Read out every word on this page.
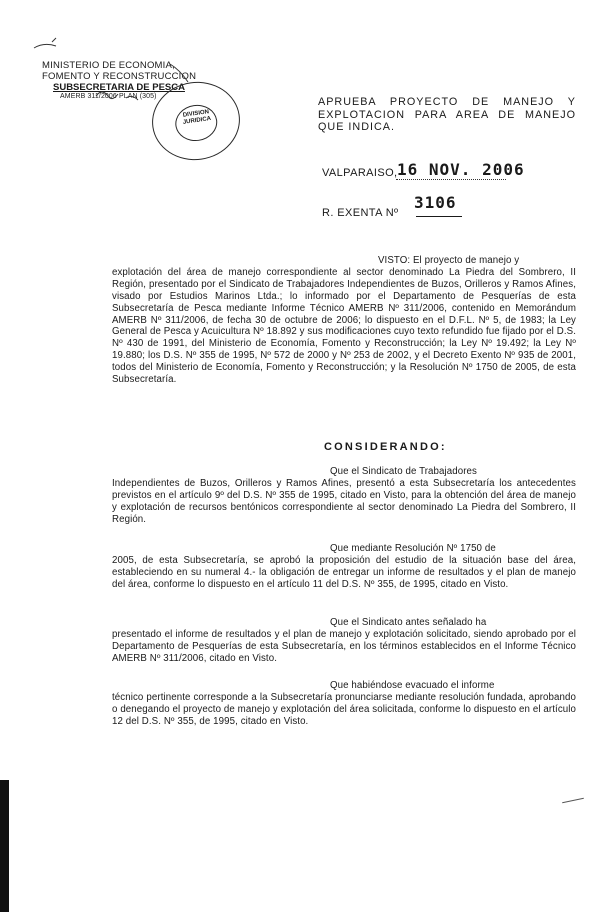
MINISTERIO DE ECONOMIA,
FOMENTO Y RECONSTRUCCION
SUBSECRETARIA DE PESCA
AMERB 311/2006 PLAN (305)
DIVISION JURIDICA
APRUEBA PROYECTO DE MANEJO Y EXPLOTACION PARA AREA DE MANEJO QUE INDICA.
VALPARAISO, 16 NOV. 2006
R. EXENTA Nº
3106
VISTO: El proyecto de manejo y
explotación del área de manejo correspondiente al sector denominado La Piedra del Sombrero, II Región, presentado por el Sindicato de Trabajadores Independientes de Buzos, Orilleros y Ramos Afines, visado por Estudios Marinos Ltda.; lo informado por el Departamento de Pesquerías de esta Subsecretaría de Pesca mediante Informe Técnico AMERB Nº 311/2006, contenido en Memorándum AMERB Nº 311/2006, de fecha 30 de octubre de 2006; lo dispuesto en el D.F.L. Nº 5, de 1983; la Ley General de Pesca y Acuicultura Nº 18.892 y sus modificaciones cuyo texto refundido fue fijado por el D.S. Nº 430 de 1991, del Ministerio de Economía, Fomento y Reconstrucción; la Ley Nº 19.492; la Ley Nº 19.880; los D.S. Nº 355 de 1995, Nº 572 de 2000 y Nº 253 de 2002, y el Decreto Exento Nº 935 de 2001, todos del Ministerio de Economía, Fomento y Reconstrucción; y la Resolución Nº 1750 de 2005, de esta Subsecretaría.
CONSIDERANDO:
Que el Sindicato de Trabajadores
Independientes de Buzos, Orilleros y Ramos Afines, presentó a esta Subsecretaría los antecedentes previstos en el artículo 9º del D.S. Nº 355 de 1995, citado en Visto, para la obtención del área de manejo y explotación de recursos bentónicos correspondiente al sector denominado La Piedra del Sombrero, II Región.
Que mediante Resolución Nº 1750 de
2005, de esta Subsecretaría, se aprobó la proposición del estudio de la situación base del área, estableciendo en su numeral 4.- la obligación de entregar un informe de resultados y el plan de manejo del área, conforme lo dispuesto en el artículo 11 del D.S. Nº 355, de 1995, citado en Visto.
Que el Sindicato antes señalado ha
presentado el informe de resultados y el plan de manejo y explotación solicitado, siendo aprobado por el Departamento de Pesquerías de esta Subsecretaría, en los términos establecidos en el Informe Técnico AMERB Nº 311/2006, citado en Visto.
Que habiéndose evacuado el informe
técnico pertinente corresponde a la Subsecretaría pronunciarse mediante resolución fundada, aprobando o denegando el proyecto de manejo y explotación del área solicitada, conforme lo dispuesto en el artículo 12 del D.S. Nº 355, de 1995, citado en Visto.
